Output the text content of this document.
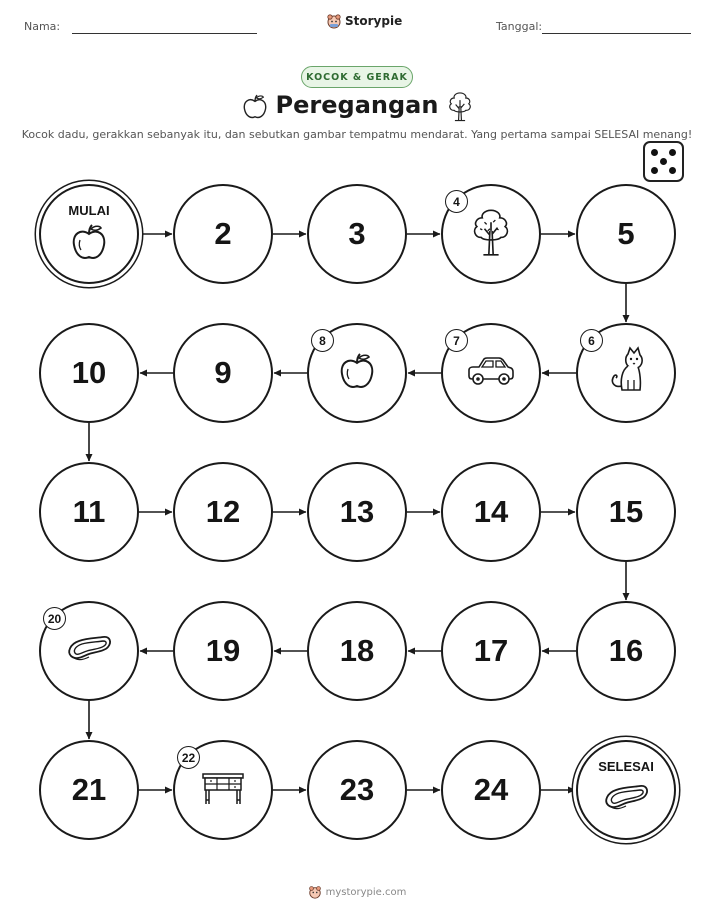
Nama:	Storypie	Tanggal:
KOCOK & GERAK
Peregangan
Kocok dadu, gerakkan sebanyak itu, dan sebutkan gambar tempatmu mendarat. Yang pertama sampai SELESAI menang!
MULAI
2	3
4
5
6
7
8
9
10
11	12	13	14	15
16
17
18
19
20
21
22
23	24
SELESAI
mystorypie.com
